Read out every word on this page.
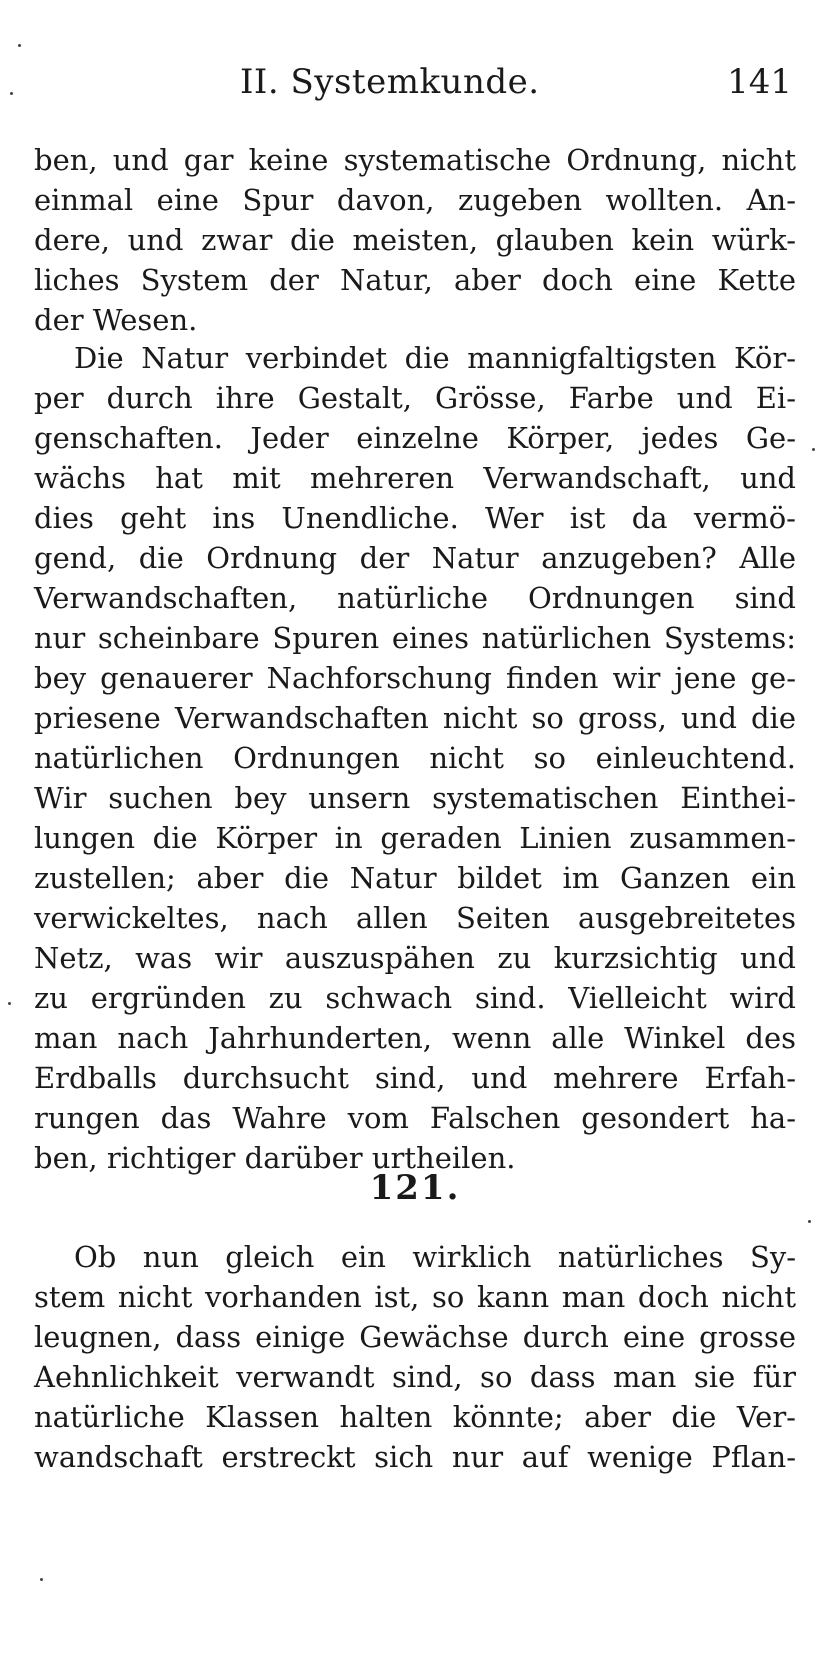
II. Systemkunde.	141
ben, und gar keine systematische Ordnung, nicht
einmal eine Spur davon, zugeben wollten. An-
dere, und zwar die meisten, glauben kein würk-
liches System der Natur, aber doch eine Kette
der Wesen.
Die Natur verbindet die mannigfaltigsten Kör-
per durch ihre Gestalt, Grösse, Farbe und Ei-
genschaften. Jeder einzelne Körper, jedes Ge-
wächs hat mit mehreren Verwandschaft, und
dies geht ins Unendliche. Wer ist da vermö-
gend, die Ordnung der Natur anzugeben? Alle
Verwandschaften, natürliche Ordnungen sind
nur scheinbare Spuren eines natürlichen Systems:
bey genauerer Nachforschung finden wir jene ge-
priesene Verwandschaften nicht so gross, und die
natürlichen Ordnungen nicht so einleuchtend.
Wir suchen bey unsern systematischen Einthei-
lungen die Körper in geraden Linien zusammen-
zustellen; aber die Natur bildet im Ganzen ein
verwickeltes, nach allen Seiten ausgebreitetes
Netz, was wir auszuspähen zu kurzsichtig und
zu ergründen zu schwach sind. Vielleicht wird
man nach Jahrhunderten, wenn alle Winkel des
Erdballs durchsucht sind, und mehrere Erfah-
rungen das Wahre vom Falschen gesondert ha-
ben, richtiger darüber urtheilen.
121.
Ob nun gleich ein wirklich natürliches Sy-
stem nicht vorhanden ist, so kann man doch nicht
leugnen, dass einige Gewächse durch eine grosse
Aehnlichkeit verwandt sind, so dass man sie für
natürliche Klassen halten könnte; aber die Ver-
wandschaft erstreckt sich nur auf wenige Pflan-
